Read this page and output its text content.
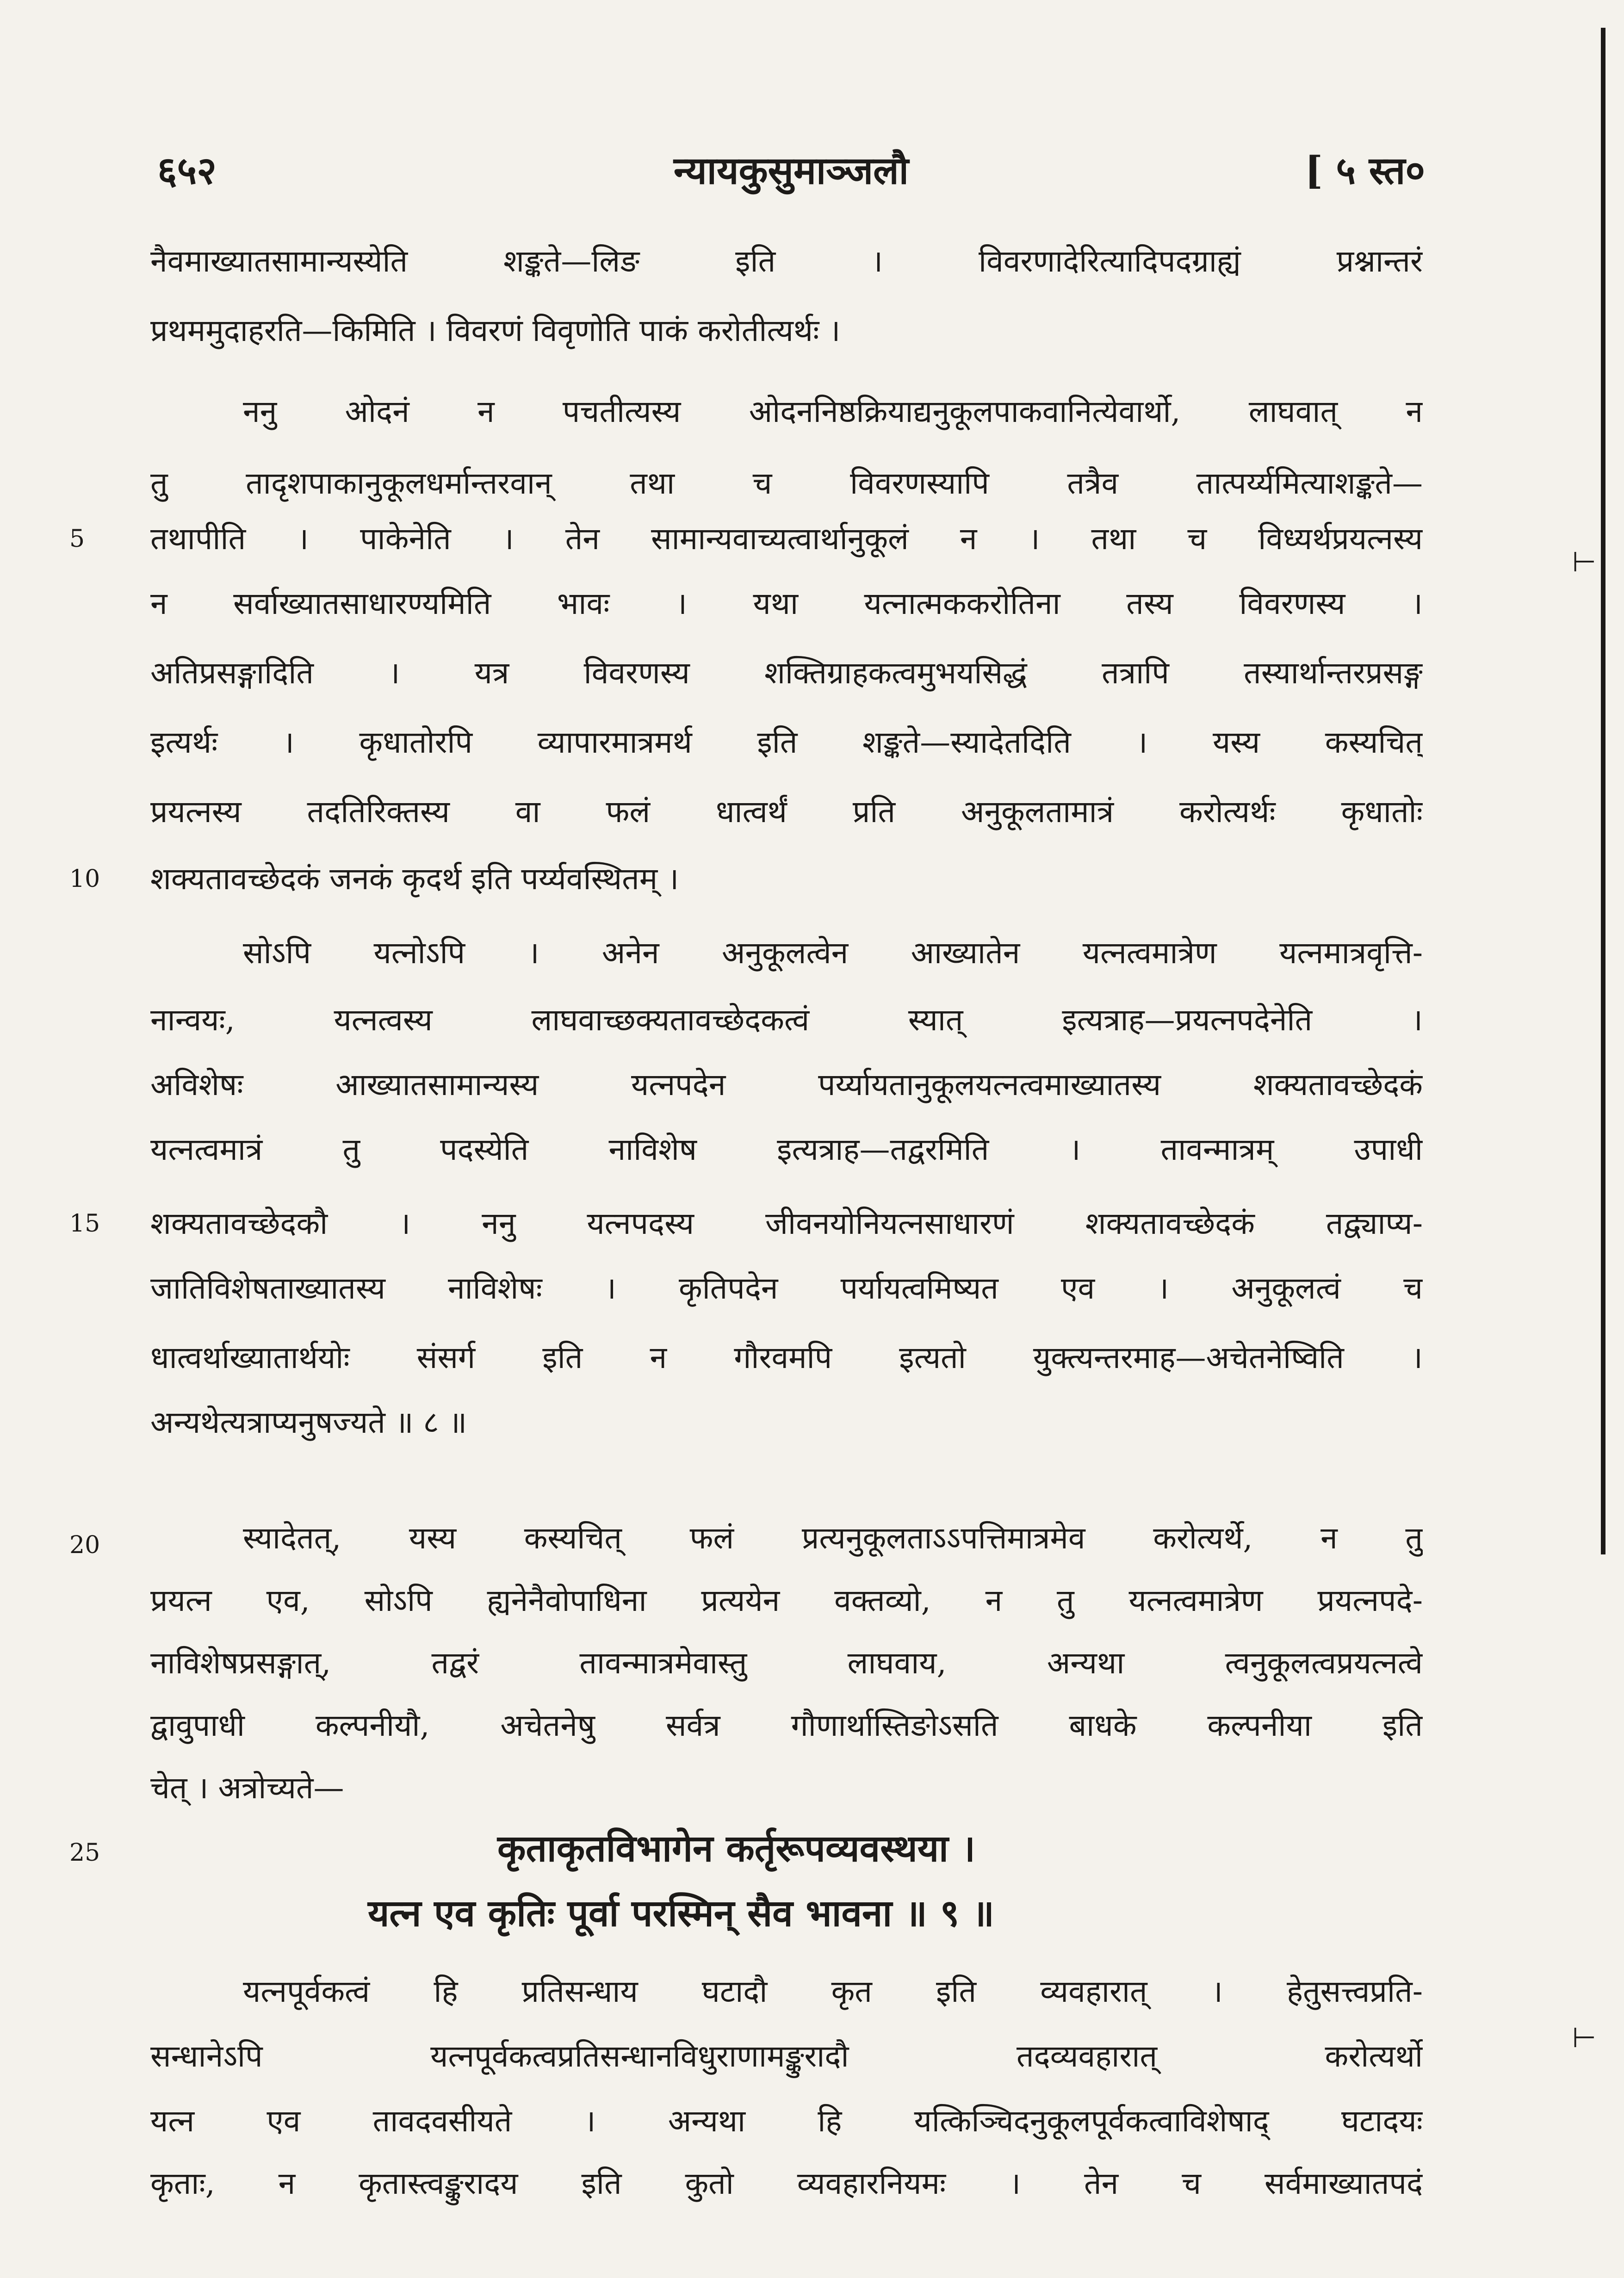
६५२	न्यायकुसुमाञ्जलौ	[ ५ स्त०
नैवमाख्यातसामान्यस्येति शङ्कते—लिङ इति । विवरणादेरित्यादिपदग्राह्यं प्रश्नान्तरं
प्रथममुदाहरति—किमिति । विवरणं विवृणोति पाकं करोतीत्यर्थः ।
ननु ओदनं न पचतीत्यस्य ओदननिष्ठक्रियाद्यनुकूलपाकवानित्येवार्थो, लाघवात् न
तु तादृशपाकानुकूलधर्मान्तरवान् तथा च विवरणस्यापि तत्रैव तात्पर्य्यमित्याशङ्कते—
5	तथापीति । पाकेनेति । तेन सामान्यवाच्यत्वार्थानुकूलं न । तथा च विध्यर्थप्रयत्नस्य
न सर्वाख्यातसाधारण्यमिति भावः । यथा यत्नात्मककरोतिना तस्य विवरणस्य ।
अतिप्रसङ्गादिति । यत्र विवरणस्य शक्तिग्राहकत्वमुभयसिद्धं तत्रापि तस्यार्थान्तरप्रसङ्ग
इत्यर्थः । कृधातोरपि व्यापारमात्रमर्थ इति शङ्कते—स्यादेतदिति । यस्य कस्यचित्
प्रयत्नस्य तदतिरिक्तस्य वा फलं धात्वर्थं प्रति अनुकूलतामात्रं करोत्यर्थः कृधातोः
10	शक्यतावच्छेदकं जनकं कृदर्थ इति पर्य्यवस्थितम् ।
सोऽपि यत्नोऽपि । अनेन अनुकूलत्वेन आख्यातेन यत्नत्वमात्रेण यत्नमात्रवृत्ति-
नान्वयः, यत्नत्वस्य लाघवाच्छक्यतावच्छेदकत्वं स्यात् इत्यत्राह—प्रयत्नपदेनेति ।
अविशेषः आख्यातसामान्यस्य यत्नपदेन पर्य्यायतानुकूलयत्नत्वमाख्यातस्य शक्यतावच्छेदकं
यत्नत्वमात्रं तु पदस्येति नाविशेष इत्यत्राह—तद्वरमिति । तावन्मात्रम् उपाधी
15	शक्यतावच्छेदकौ । ननु यत्नपदस्य जीवनयोनियत्नसाधारणं शक्यतावच्छेदकं तद्व्याप्य-
जातिविशेषताख्यातस्य नाविशेषः । कृतिपदेन पर्यायत्वमिष्यत एव । अनुकूलत्वं च
धात्वर्थाख्यातार्थयोः संसर्ग इति न गौरवमपि इत्यतो युक्त्यन्तरमाह—अचेतनेष्विति ।
अन्यथेत्यत्राप्यनुषज्यते ॥ ८ ॥
20	स्यादेतत्, यस्य कस्यचित् फलं प्रत्यनुकूलताऽऽपत्तिमात्रमेव करोत्यर्थे, न तु
प्रयत्न एव, सोऽपि ह्यनेनैवोपाधिना प्रत्ययेन वक्तव्यो, न तु यत्नत्वमात्रेण प्रयत्नपदे-
नाविशेषप्रसङ्गात्, तद्वरं तावन्मात्रमेवास्तु लाघवाय, अन्यथा त्वनुकूलत्वप्रयत्नत्वे
द्वावुपाधी कल्पनीयौ, अचेतनेषु सर्वत्र गौणार्थास्तिङोऽसति बाधके कल्पनीया इति
चेत् । अत्रोच्यते—
25	कृताकृतविभागेन कर्तृरूपव्यवस्थया ।
यत्न एव कृतिः पूर्वा परस्मिन् सैव भावना ॥ ९ ॥
यत्नपूर्वकत्वं हि प्रतिसन्धाय घटादौ कृत इति व्यवहारात् । हेतुसत्त्वप्रति-
सन्धानेऽपि यत्नपूर्वकत्वप्रतिसन्धानविधुराणामङ्कुरादौ तदव्यवहारात् करोत्यर्थो
यत्न एव तावदवसीयते । अन्यथा हि यत्किञ्चिदनुकूलपूर्वकत्वाविशेषाद् घटादयः
कृताः, न कृतास्त्वङ्कुरादय इति कुतो व्यवहारनियमः । तेन च सर्वमाख्यातपदं
⊢
⊢
